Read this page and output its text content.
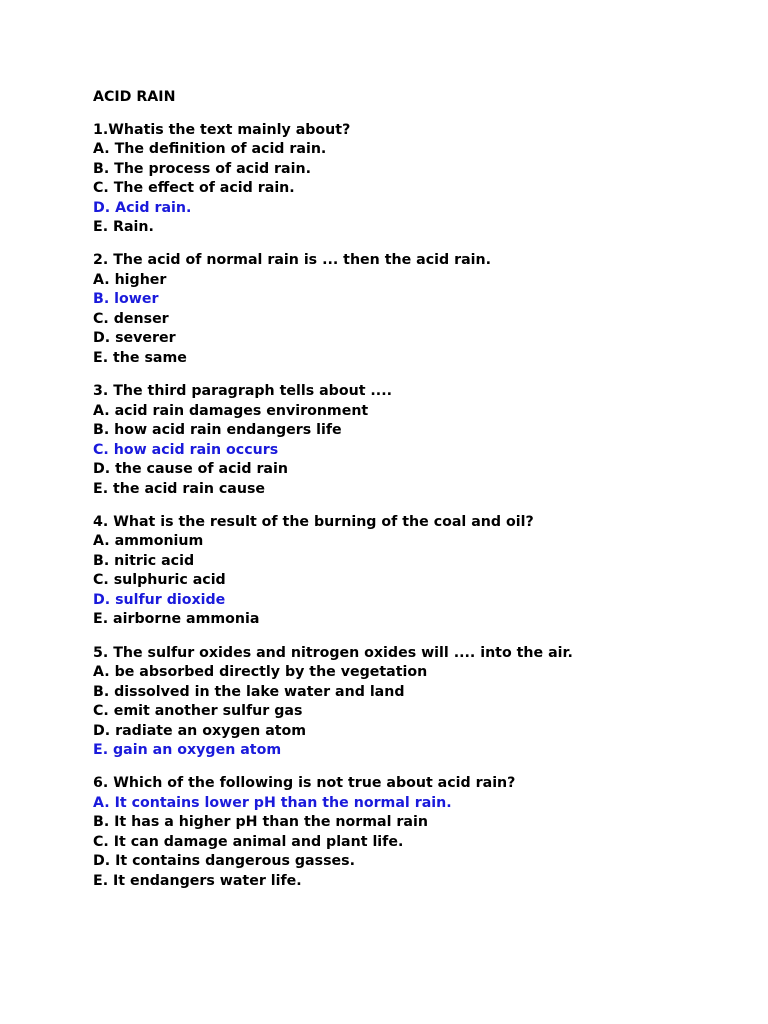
ACID RAIN
1.Whatis the text mainly about?
A. The definition of acid rain.
B. The process of acid rain.
C. The effect of acid rain.
D. Acid rain.
E. Rain.
2. The acid of normal rain is ... then the acid rain.
A. higher
B. lower
C. denser
D. severer
E. the same
3. The third paragraph tells about ....
A. acid rain damages environment
B. how acid rain endangers life
C. how acid rain occurs
D. the cause of acid rain
E. the acid rain cause
4. What is the result of the burning of the coal and oil?
A. ammonium
B. nitric acid
C. sulphuric acid
D. sulfur dioxide
E. airborne ammonia
5. The sulfur oxides and nitrogen oxides will .... into the air.
A. be absorbed directly by the vegetation
B. dissolved in the lake water and land
C. emit another sulfur gas
D. radiate an oxygen atom
E. gain an oxygen atom
6. Which of the following is not true about acid rain?
A. It contains lower pH than the normal rain.
B. It has a higher pH than the normal rain
C. It can damage animal and plant life.
D. It contains dangerous gasses.
E. It endangers water life.
